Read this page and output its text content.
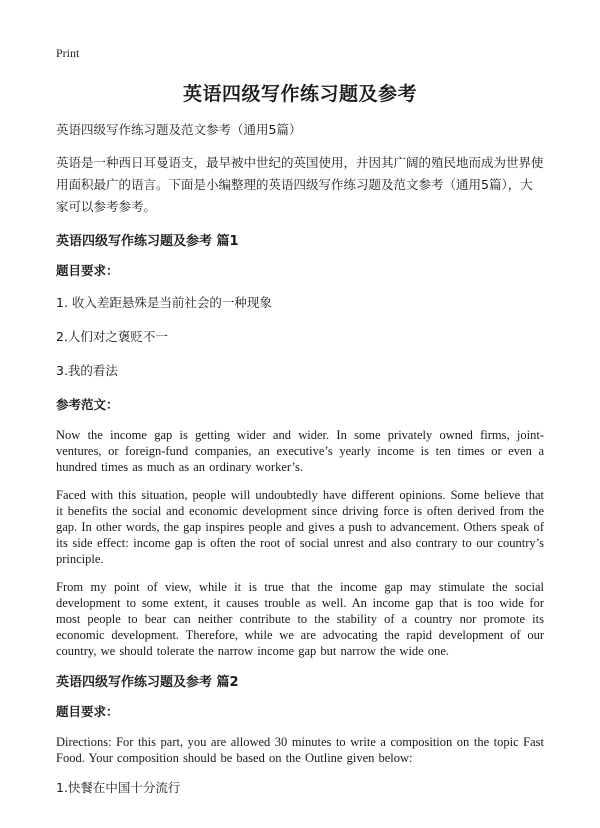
Print
英语四级写作练习题及参考

英语四级写作练习题及范文参考（通用5篇）

英语是一种西日耳曼语支，最早被中世纪的英国使用，并因其广阔的殖民地而成为世界使用面积最广的语言。下面是小编整理的英语四级写作练习题及范文参考（通用5篇），大家可以参考参考。

英语四级写作练习题及参考 篇1
题目要求：
1. 收入差距悬殊是当前社会的一种现象
2.人们对之褒贬不一
3.我的看法
参考范文：

Now the income gap is getting wider and wider. In some privately owned firms, joint-ventures, or foreign-fund companies, an executive’s yearly income is ten times or even a hundred times as much as an ordinary worker’s.

Faced with this situation, people will undoubtedly have different opinions. Some believe that it benefits the social and economic development since driving force is often derived from the gap. In other words, the gap inspires people and gives a push to advancement. Others speak of its side effect: income gap is often the root of social unrest and also contrary to our country’s principle.

From my point of view, while it is true that the income gap may stimulate the social development to some extent, it causes trouble as well. An income gap that is too wide for most people to bear can neither contribute to the stability of a country nor promote its economic development. Therefore, while we are advocating the rapid development of our country, we should tolerate the narrow income gap but narrow the wide one.

英语四级写作练习题及参考 篇2
题目要求：

Directions: For this part, you are allowed 30 minutes to write a composition on the topic Fast Food. Your composition should be based on the Outline given below:

1.快餐在中国十分流行
